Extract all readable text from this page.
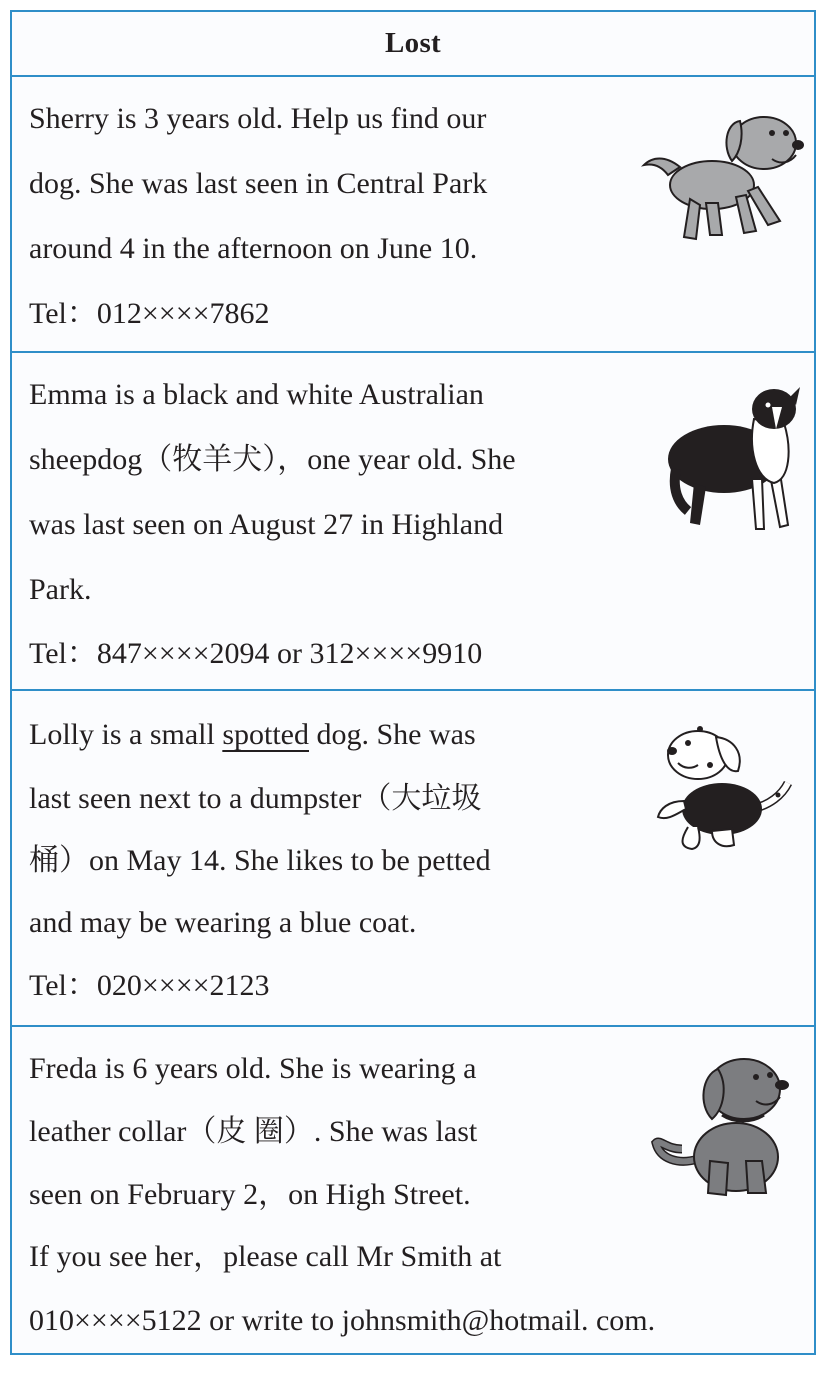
Lost
Sherry is 3 years old. Help us find our
dog. She was last seen in Central Park
around 4 in the afternoon on June 10.
Tel：012××××7862
Emma is a black and white Australian
sheepdog（牧羊犬），one year old. She
was last seen on August 27 in Highland
Park.
Tel：847××××2094 or 312××××9910
Lolly is a small spotted dog. She was
last seen next to a dumpster（大垃圾
桶）on May 14. She likes to be petted
and may be wearing a blue coat.
Tel：020××××2123
Freda is 6 years old. She is wearing a
leather collar（皮 圈）. She was last
seen on February 2，on High Street.
If you see her，please call Mr Smith at
010××××5122 or write to johnsmith@hotmail. com.
